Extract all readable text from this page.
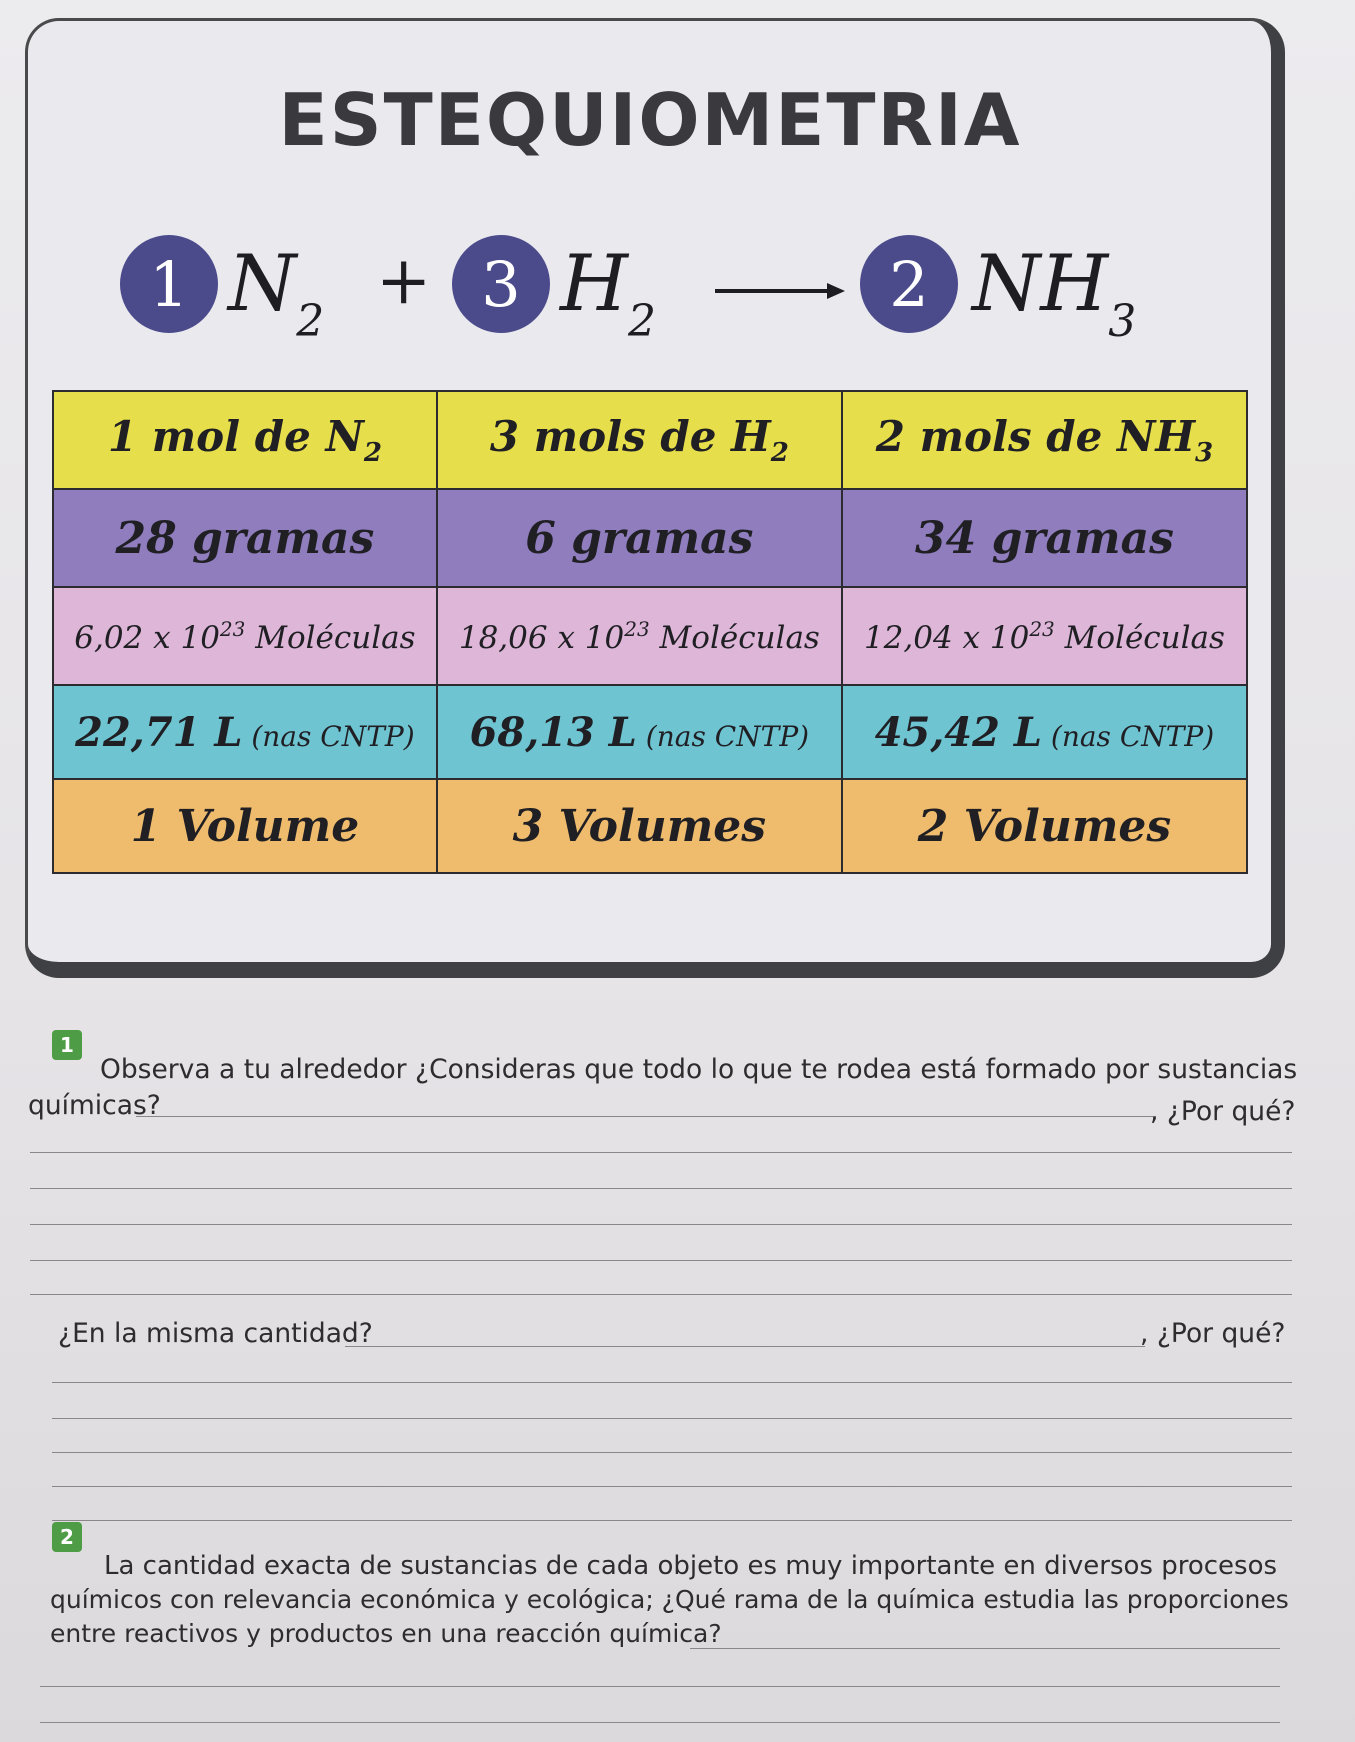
ESTEQUIOMETRIA
1 $N_2$
+ 3 $H_2$
2 $NH_3$
1 mol de $N_2$	3 mols de $H_2$	2 mols de $NH_3$
28 gramas	6 gramas	34 gramas
6,02 x $10^{23}$ Moléculas	18,06 x $10^{23}$ Moléculas	12,04 x $10^{23}$ Moléculas
22,71 L (nas CNTP)	68,13 L (nas CNTP)	45,42 L (nas CNTP)
1 Volume	3 Volumes	2 Volumes
1
Observa a tu alrededor ¿Consideras que todo lo que te rodea está formado por sustancias
químicas?	, ¿Por qué?
¿En la misma cantidad?	, ¿Por qué?
2
La cantidad exacta de sustancias de cada objeto es muy importante en diversos procesos
químicos con relevancia económica y ecológica; ¿Qué rama de la química estudia las proporciones
entre reactivos y productos en una reacción química?
